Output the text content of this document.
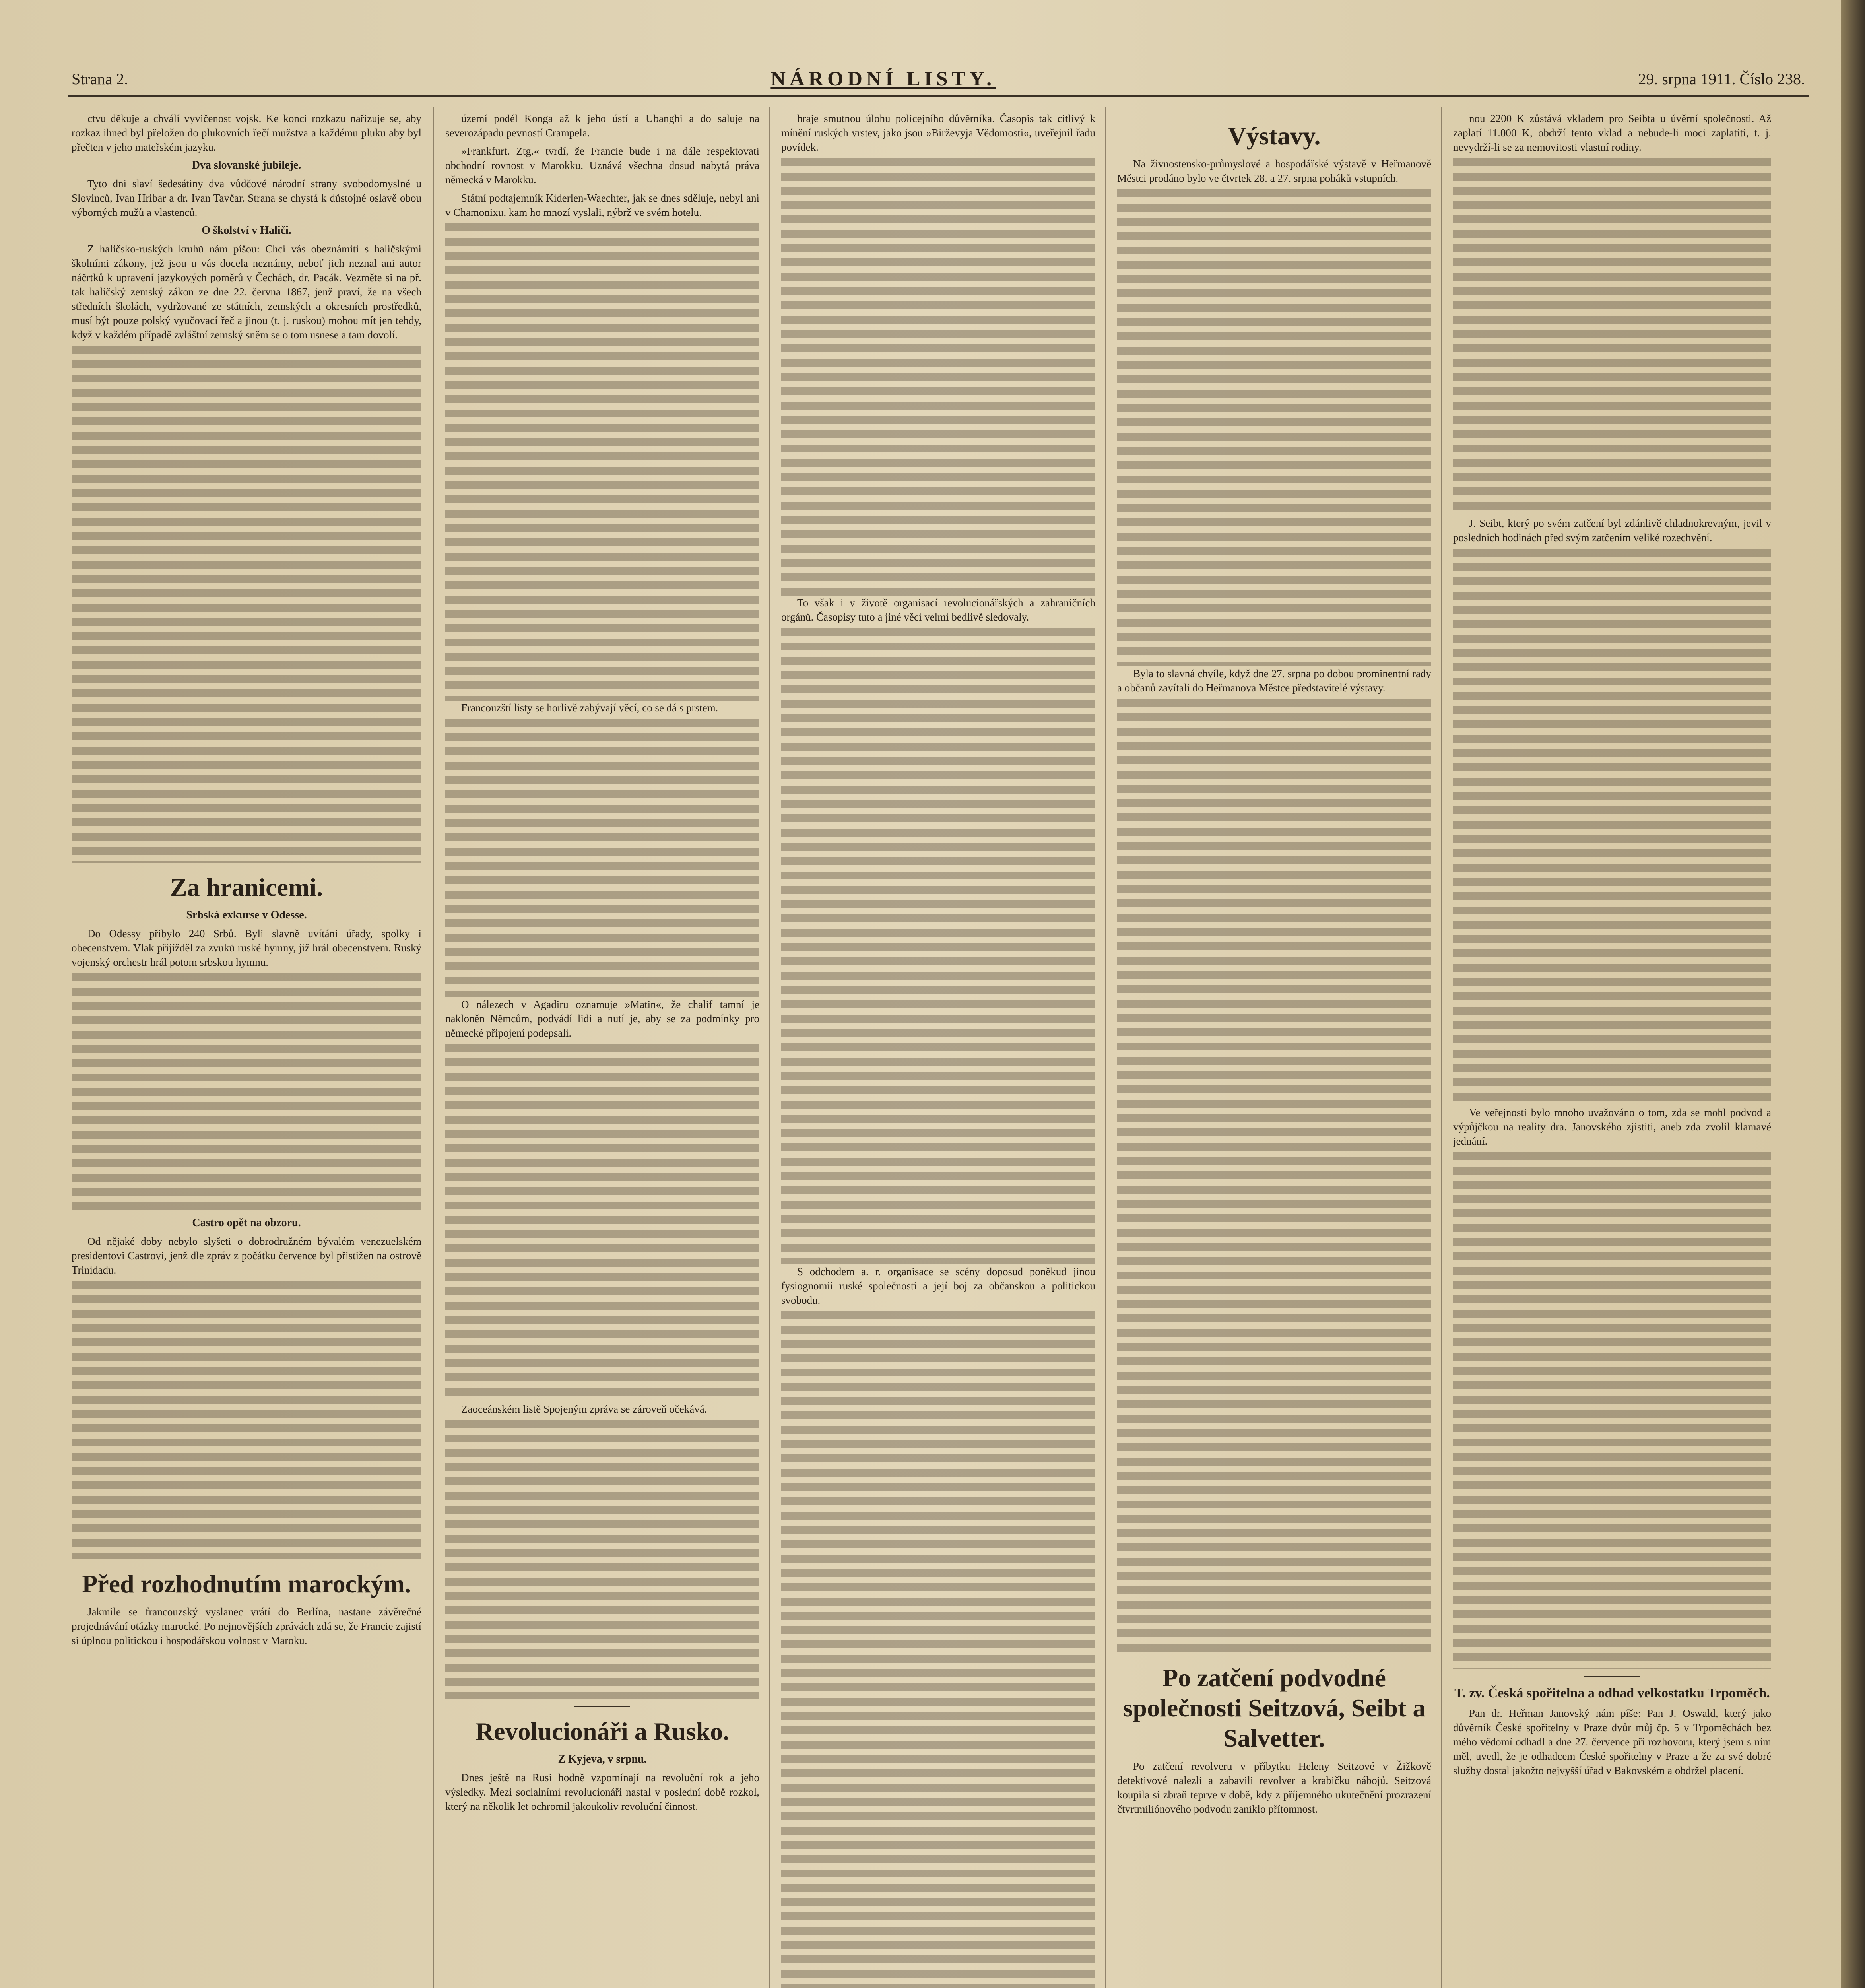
Strana 2.	NÁRODNÍ LISTY.	29. srpna 1911. Číslo 238.

ctvu děkuje a chválí vyvičenost vojsk. Ke konci rozkazu nařizuje se, aby rozkaz ihned byl přeložen do plukovních řečí mužstva a každému pluku aby byl přečten v jeho mateřském jazyku.

Dva slovanské jubileje.

Tyto dni slaví šedesátiny dva vůdčové národní strany svobodomyslné u Slovinců, Ivan Hribar a dr. Ivan Tavčar. Strana se chystá k důstojné oslavě obou výborných mužů a vlastenců.

O školství v Haliči.

Z haličsko-ruských kruhů nám píšou: Chci vás obeznámiti s haličskými školními zákony, jež jsou u vás docela neznámy, neboť jich neznal ani autor náčrtků k upravení jazykových poměrů v Čechách, dr. Pacák. Vezměte si na př. tak haličský zemský zákon ze dne 22. června 1867, jenž praví, že na všech středních školách, vydržované ze státních, zemských a okresních prostředků, musí být pouze polský vyučovací řeč a jinou (t. j. ruskou) mohou mít jen tehdy, když v každém případě zvláštní zemský sněm se o tom usnese a tam dovolí.

Za hranicemi.
Srbská exkurse v Odesse.

Do Odessy přibylo 240 Srbů. Byli slavně uvítáni úřady, spolky i obecenstvem. Vlak přijížděl za zvuků ruské hymny, již hrál obecenstvem. Ruský vojenský orchestr hrál potom srbskou hymnu.

Castro opět na obzoru.

Od nějaké doby nebylo slyšeti o dobrodružném bývalém venezuelském presidentovi Castrovi, jenž dle zpráv z počátku července byl přistižen na ostrově Trinidadu.

Před rozhodnutím marockým.

Jakmile se francouzský vyslanec vrátí do Berlína, nastane závěrečné projednávání otázky marocké. Po nejnovějších zprávách zdá se, že Francie zajistí si úplnou politickou i hospodářskou volnost v Maroku.

území podél Konga až k jeho ústí a Ubanghi a do saluje na severozápadu pevností Crampela.

»Frankfurt. Ztg.« tvrdí, že Francie bude i na dále respektovati obchodní rovnost v Marokku. Uznává všechna dosud nabytá práva německá v Marokku.

Státní podtajemník Kiderlen-Waechter, jak se dnes sděluje, nebyl ani v Chamonixu, kam ho mnozí vyslali, nýbrž ve svém hotelu.

Francouzští listy se horlivě zabývají věcí, co se dá s prstem.

O nálezech v Agadiru oznamuje »Matin«, že chalif tamní je nakloněn Němcům, podvádí lidi a nutí je, aby se za podmínky pro německé připojení podepsali.

Zaoceánském listě Spojeným zpráva se zároveň očekává.

Revolucionáři a Rusko.
Z Kyjeva, v srpnu.

Dnes ještě na Rusi hodně vzpomínají na revoluční rok a jeho výsledky. Mezi socialními revolucionáři nastal v poslední době rozkol, který na několik let ochromil jakoukoliv revoluční činnost.

hraje smutnou úlohu policejního důvěrníka. Časopis tak citlivý k mínění ruských vrstev, jako jsou »Birževyja Vědomosti«, uveřejnil řadu povídek.

To však i v životě organisací revolucionářských a zahraničních orgánů. Časopisy tuto a jiné věci velmi bedlivě sledovaly.

S odchodem a. r. organisace se scény doposud poněkud jinou fysiognomii ruské společnosti a její boj za občanskou a politickou svobodu.

Výstavy.

Na živnostensko-průmyslové a hospodářské výstavě v Heřmanově Městci prodáno bylo ve čtvrtek 28. a 27. srpna poháků vstupních.

Byla to slavná chvíle, když dne 27. srpna po dobou prominentní rady a občanů zavítali do Heřmanova Městce představitelé výstavy.

Po zatčení podvodné společnosti Seitzová, Seibt a Salvetter.

Po zatčení revolveru v příbytku Heleny Seitzové v Žižkově detektivové nalezli a zabavili revolver a krabičku nábojů. Seitzová koupila si zbraň teprve v době, kdy z příjemného ukutečnění prozrazení čtvrtmiliónového podvodu zaniklo přítomnost.

nou 2200 K zůstává vkladem pro Seibta u úvěrní společnosti. Až zaplatí 11.000 K, obdrží tento vklad a nebude-li moci zaplatiti, t. j. nevydrží-li se za nemovitosti vlastní rodiny.

J. Seibt, který po svém zatčení byl zdánlivě chladnokrevným, jevil v posledních hodinách před svým zatčením veliké rozechvění.

Ve veřejnosti bylo mnoho uvažováno o tom, zda se mohl podvod a výpůjčkou na reality dra. Janovského zjistiti, aneb zda zvolil klamavé jednání.

T. zv. Česká spořitelna a odhad velkostatku Trpoměch.

Pan dr. Heřman Janovský nám píše: Pan J. Oswald, který jako důvěrník České spořitelny v Praze dvůr můj čp. 5 v Trpoměchách bez mého vědomí odhadl a dne 27. července při rozhovoru, který jsem s ním měl, uvedl, že je odhadcem České spořitelny v Praze a že za své dobré služby dostal jakožto nejvyšší úřad v Bakovském a obdržel placení.
